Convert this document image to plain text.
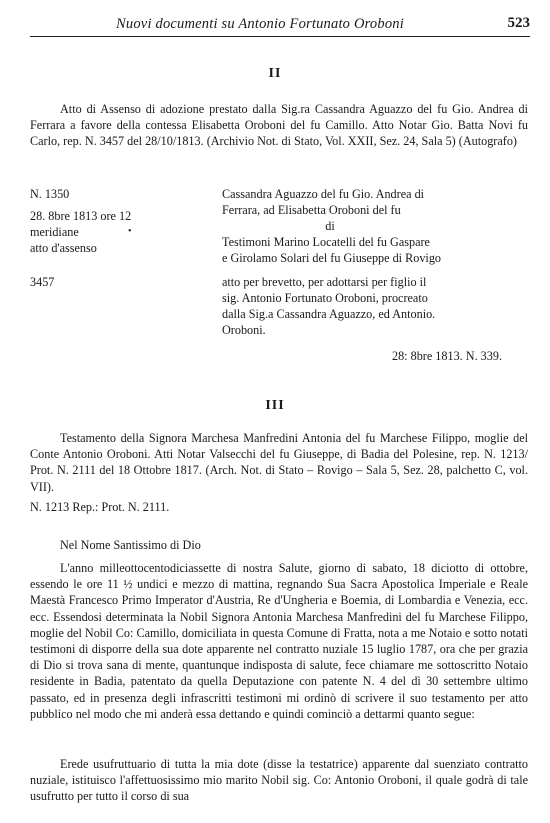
Nuovi documenti su Antonio Fortunato Oroboni	523
II
Atto di Assenso di adozione prestato dalla Sig.ra Cassandra Aguazzo del fu Gio. Andrea di Ferrara a favore della contessa Elisabetta Oroboni del fu Camillo. Atto Notar Gio. Batta Novi fu Carlo, rep. N. 3457 del 28/10/1813. (Archivio Not. di Stato, Vol. XXII, Sez. 24, Sala 5) (Autografo)
N. 1350
28. 8bre 1813 ore 12
meridiane
atto d'assenso
3457
•
Cassandra Aguazzo del fu Gio. Andrea di
Ferrara, ad Elisabetta Oroboni del fu
di
Testimoni Marino Locatelli del fu Gaspare
e Girolamo Solari del fu Giuseppe di Rovigo
atto per brevetto, per adottarsi per figlio il
sig. Antonio Fortunato Oroboni, procreato
dalla Sig.a Cassandra Aguazzo, ed Antonio.
Oroboni.
28: 8bre 1813. N. 339.
III
Testamento della Signora Marchesa Manfredini Antonia del fu Marchese Filippo, moglie del Conte Antonio Oroboni. Atti Notar Valsecchi del fu Giuseppe, di Badia del Polesine, rep. N. 1213/ Prot. N. 2111 del 18 Ottobre 1817. (Arch. Not. di Stato – Rovigo – Sala 5, Sez. 28, palchetto C, vol. VII).
N. 1213 Rep.: Prot. N. 2111.
Nel Nome Santissimo di Dio
L'anno milleottocentodiciassette di nostra Salute, giorno di sabato, 18 diciotto di ottobre, essendo le ore 11 ½ undici e mezzo di mattina, regnando Sua Sacra Apostolica Imperiale e Reale Maestà Francesco Primo Imperator d'Austria, Re d'Ungheria e Boemia, di Lombardia e Venezia, ecc. ecc. Essendosi determinata la Nobil Signora Antonia Marchesa Manfredini del fu Marchese Filippo, moglie del Nobil Co: Camillo, domiciliata in questa Comune di Fratta, nota a me Notaio e sotto notati testimoni di disporre della sua dote apparente nel contratto nuziale 15 luglio 1787, ora che per grazia di Dio si trova sana di mente, quantunque indisposta di salute, fece chiamare me sottoscritto Notaio residente in Badia, patentato da quella Deputazione con patente N. 4 del dì 30 settembre ultimo passato, ed in presenza degli infrascritti testimoni mi ordinò di scrivere il suo testamento per atto pubblico nel modo che mi anderà essa dettando e quindi cominciò a dettarmi quanto segue:
Erede usufruttuario di tutta la mia dote (disse la testatrice) apparente dal suenziato contratto nuziale, istituisco l'affettuosissimo mio marito Nobil sig. Co: Antonio Oroboni, il quale godrà di tale usufrutto per tutto il corso di sua
